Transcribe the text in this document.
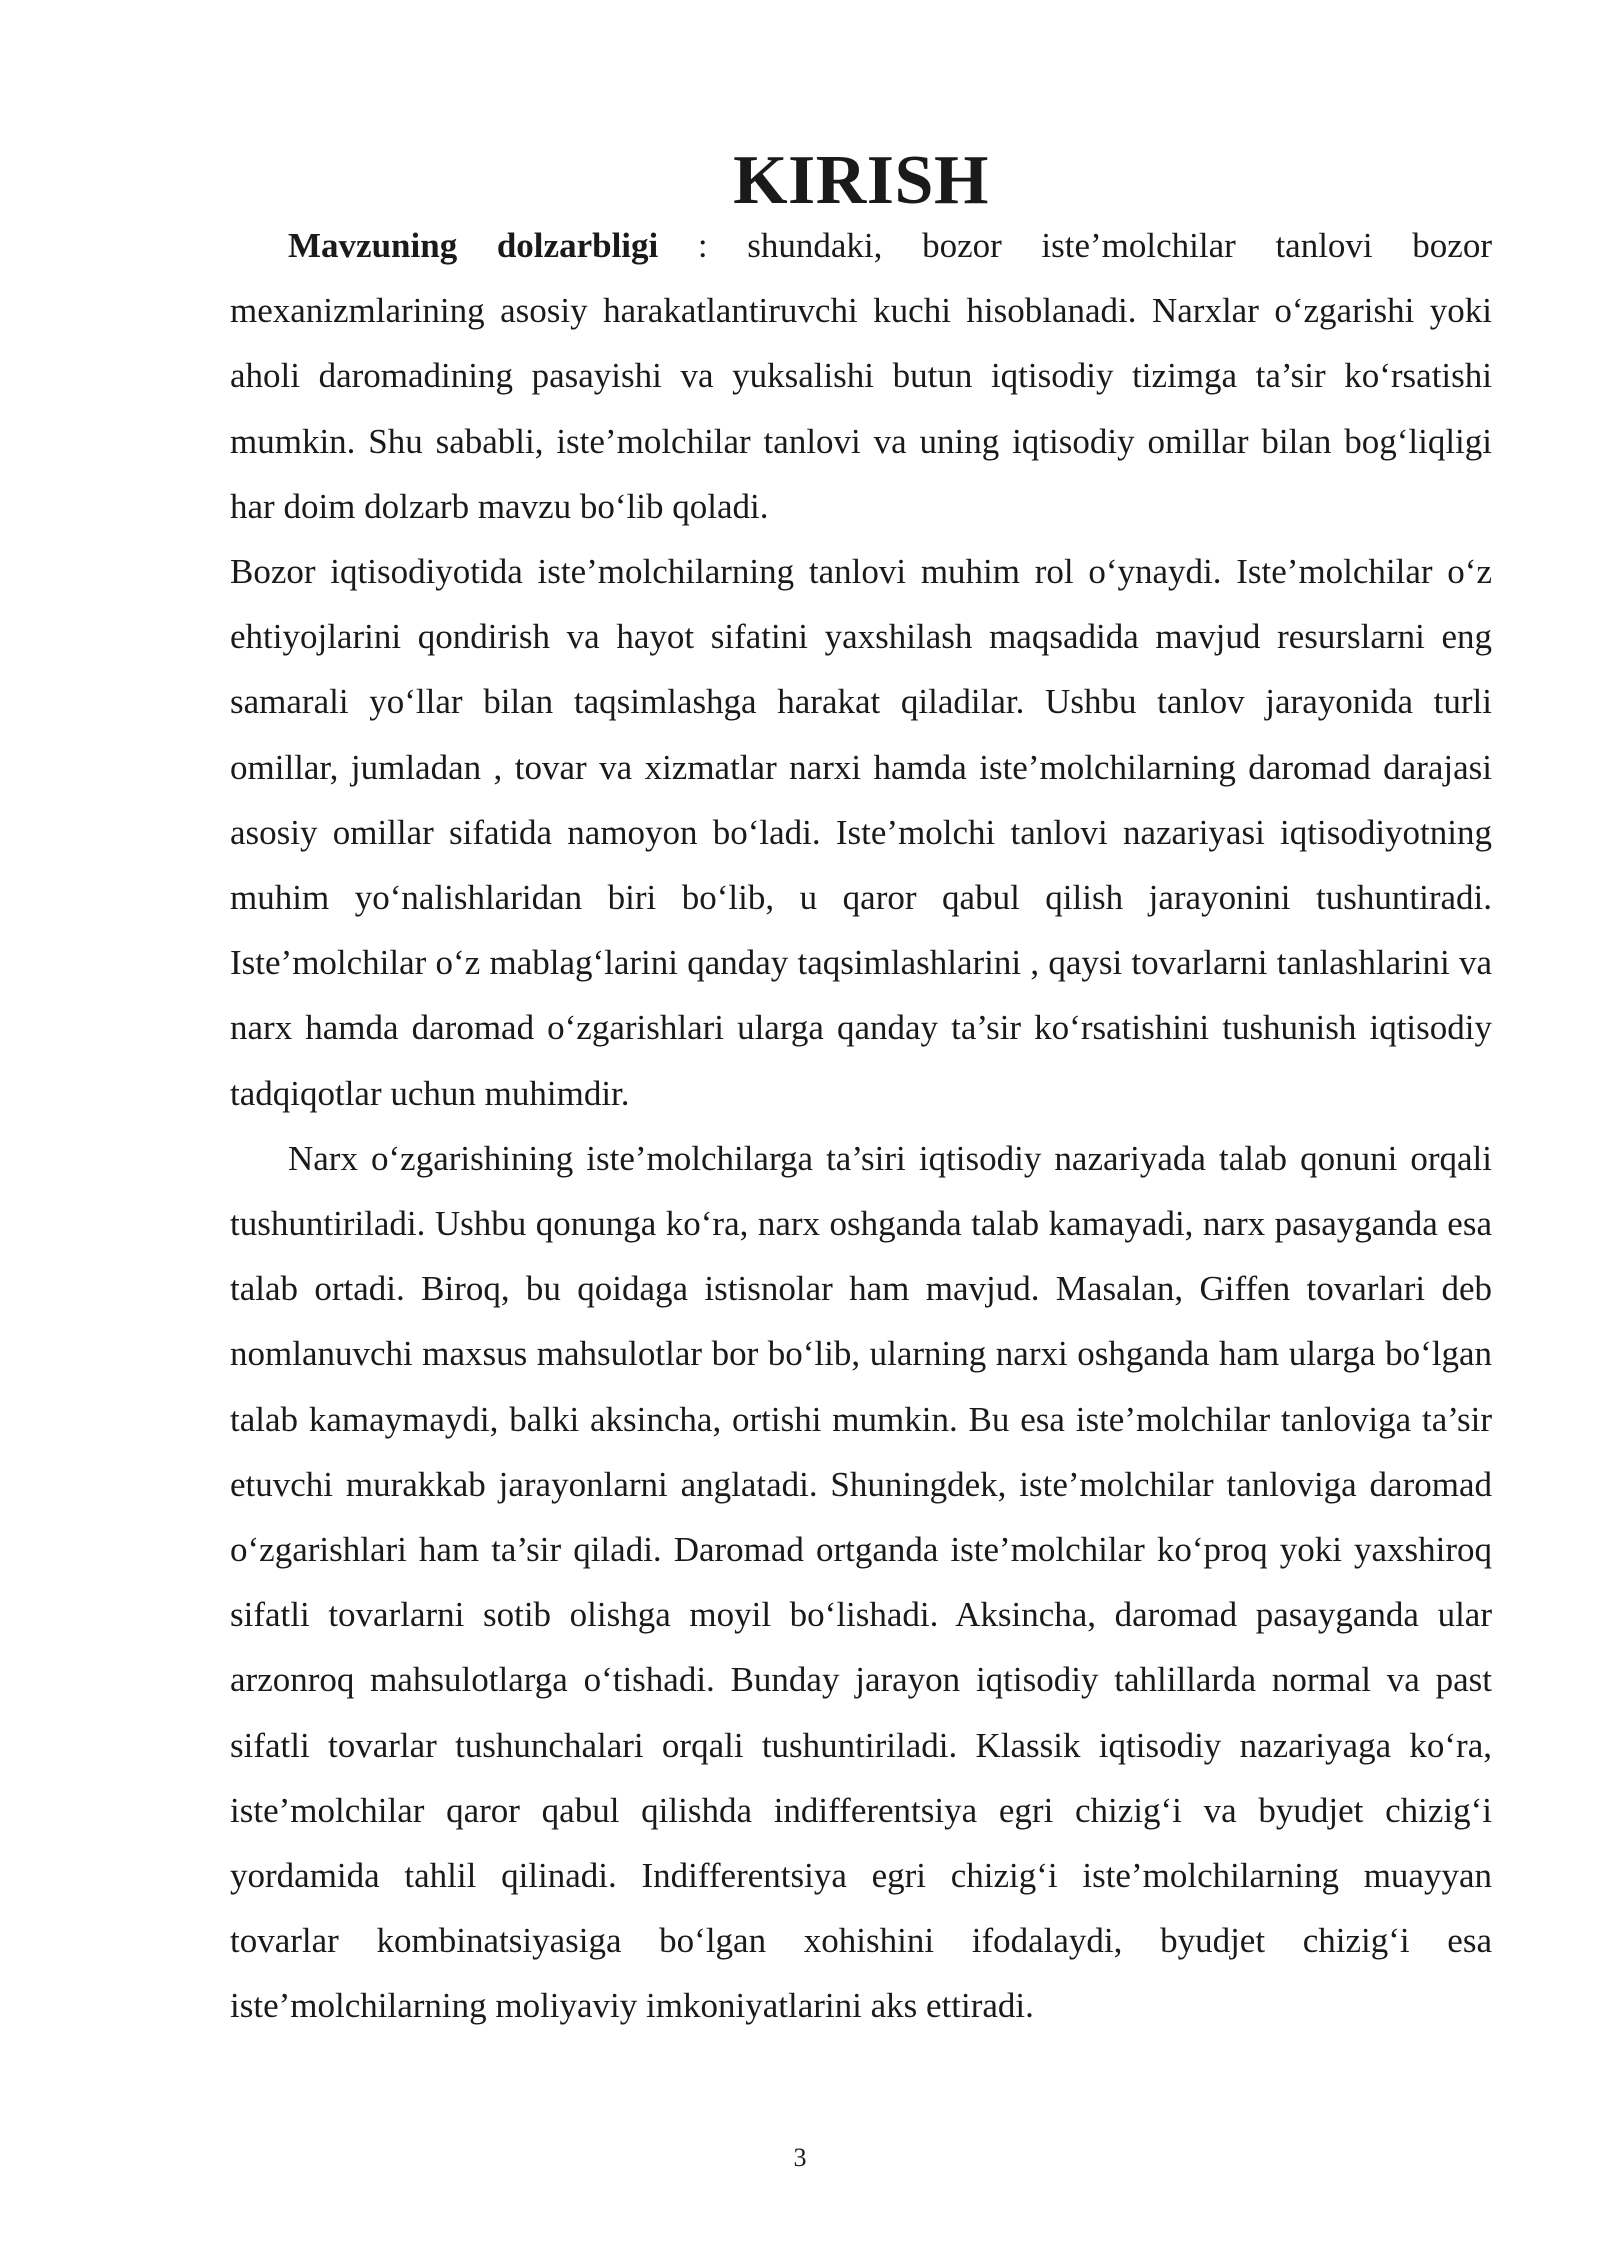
KIRISH

Mavzuning dolzarbligi : shundaki, bozor iste’molchilar tanlovi bozor mexanizmlarining asosiy harakatlantiruvchi kuchi hisoblanadi. Narxlar o‘zgarishi yoki aholi daromadining pasayishi va yuksalishi butun iqtisodiy tizimga ta’sir ko‘rsatishi mumkin. Shu sababli, iste’molchilar tanlovi va uning iqtisodiy omillar bilan bog‘liqligi har doim dolzarb mavzu bo‘lib qoladi.

Bozor iqtisodiyotida iste’molchilarning tanlovi muhim rol o‘ynaydi. Iste’molchilar o‘z ehtiyojlarini qondirish va hayot sifatini yaxshilash maqsadida mavjud resurslarni eng samarali yo‘llar bilan taqsimlashga harakat qiladilar. Ushbu tanlov jarayonida turli omillar, jumladan , tovar va xizmatlar narxi hamda iste’molchilarning daromad darajasi asosiy omillar sifatida namoyon bo‘ladi. Iste’molchi tanlovi nazariyasi iqtisodiyotning muhim yo‘nalishlaridan biri bo‘lib, u qaror qabul qilish jarayonini tushuntiradi. Iste’molchilar o‘z mablag‘larini qanday taqsimlashlarini , qaysi tovarlarni tanlashlarini va narx hamda daromad o‘zgarishlari ularga qanday ta’sir ko‘rsatishini tushunish iqtisodiy tadqiqotlar uchun muhimdir.

Narx o‘zgarishining iste’molchilarga ta’siri iqtisodiy nazariyada talab qonuni orqali tushuntiriladi. Ushbu qonunga ko‘ra, narx oshganda talab kamayadi, narx pasayganda esa talab ortadi. Biroq, bu qoidaga istisnolar ham mavjud. Masalan, Giffen tovarlari deb nomlanuvchi maxsus mahsulotlar bor bo‘lib, ularning narxi oshganda ham ularga bo‘lgan talab kamaymaydi, balki aksincha, ortishi mumkin. Bu esa iste’molchilar tanloviga ta’sir etuvchi murakkab jarayonlarni anglatadi. Shuningdek, iste’molchilar tanloviga daromad o‘zgarishlari ham ta’sir qiladi. Daromad ortganda iste’molchilar ko‘proq yoki yaxshiroq sifatli tovarlarni sotib olishga moyil bo‘lishadi. Aksincha, daromad pasayganda ular arzonroq mahsulotlarga o‘tishadi. Bunday jarayon iqtisodiy tahlillarda normal va past sifatli tovarlar tushunchalari orqali tushuntiriladi. Klassik iqtisodiy nazariyaga ko‘ra, iste’molchilar qaror qabul qilishda indifferentsiya egri chizig‘i va byudjet chizig‘i yordamida tahlil qilinadi. Indifferentsiya egri chizig‘i iste’molchilarning muayyan tovarlar kombinatsiyasiga bo‘lgan xohishini ifodalaydi, byudjet chizig‘i esa iste’molchilarning moliyaviy imkoniyatlarini aks ettiradi.

3
